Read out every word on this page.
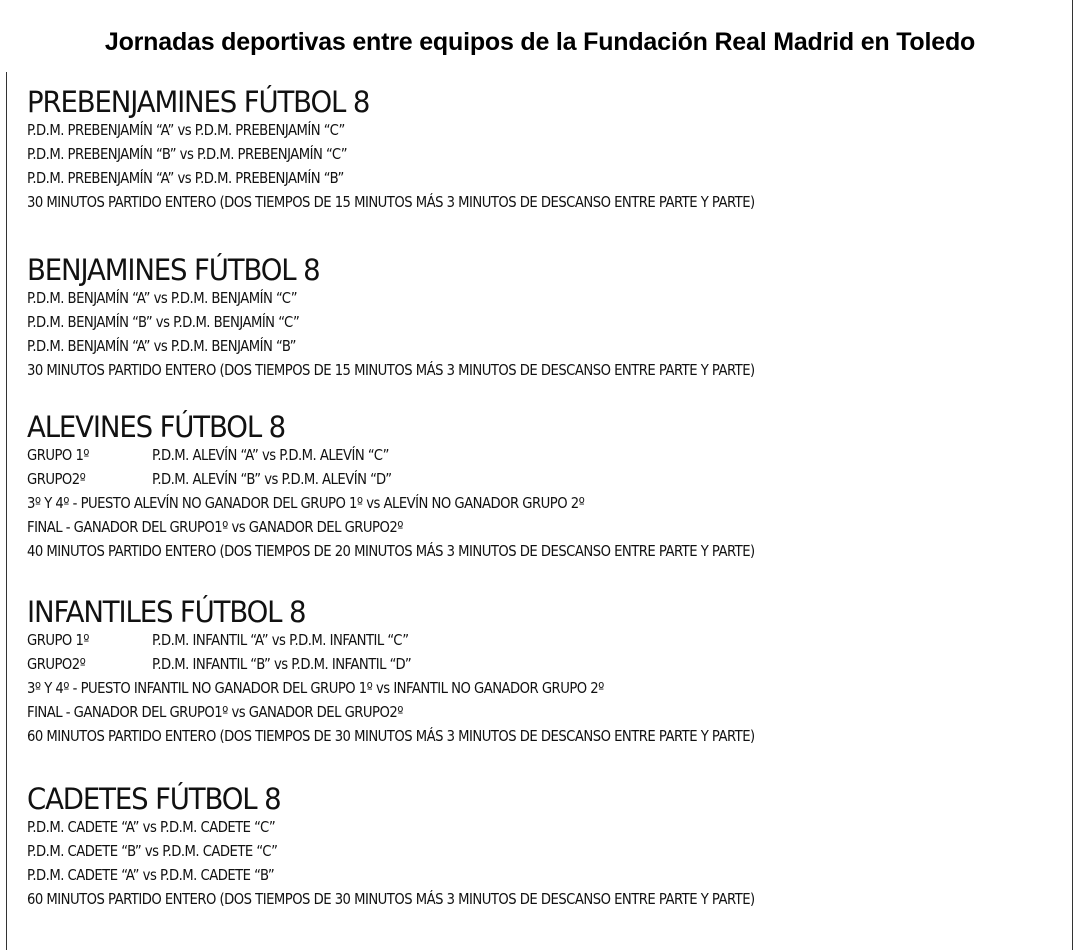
Jornadas deportivas entre equipos de la Fundación Real Madrid en Toledo
PREBENJAMINES FÚTBOL 8
P.D.M. PREBENJAMÍN “A” vs P.D.M. PREBENJAMÍN “C”
P.D.M. PREBENJAMÍN “B” vs P.D.M. PREBENJAMÍN “C”
P.D.M. PREBENJAMÍN “A” vs P.D.M. PREBENJAMÍN “B”
30 MINUTOS PARTIDO ENTERO (DOS TIEMPOS DE 15 MINUTOS MÁS 3 MINUTOS DE DESCANSO ENTRE PARTE Y PARTE)
BENJAMINES FÚTBOL 8
P.D.M. BENJAMÍN “A” vs P.D.M. BENJAMÍN “C”
P.D.M. BENJAMÍN “B” vs P.D.M. BENJAMÍN “C”
P.D.M. BENJAMÍN “A” vs P.D.M. BENJAMÍN “B”
30 MINUTOS PARTIDO ENTERO (DOS TIEMPOS DE 15 MINUTOS MÁS 3 MINUTOS DE DESCANSO ENTRE PARTE Y PARTE)
ALEVINES FÚTBOL 8
GRUPO 1º	P.D.M. ALEVÍN “A” vs P.D.M. ALEVÍN “C”
GRUPO2º	P.D.M. ALEVÍN “B” vs P.D.M. ALEVÍN “D”
3º Y 4º - PUESTO ALEVÍN NO GANADOR DEL GRUPO 1º vs ALEVÍN NO GANADOR GRUPO 2º
FINAL - GANADOR DEL GRUPO1º vs GANADOR DEL GRUPO2º
40 MINUTOS PARTIDO ENTERO (DOS TIEMPOS DE 20 MINUTOS MÁS 3 MINUTOS DE DESCANSO ENTRE PARTE Y PARTE)
INFANTILES FÚTBOL 8
GRUPO 1º	P.D.M. INFANTIL “A” vs P.D.M. INFANTIL “C”
GRUPO2º	P.D.M. INFANTIL “B” vs P.D.M. INFANTIL “D”
3º Y 4º - PUESTO INFANTIL NO GANADOR DEL GRUPO 1º vs INFANTIL NO GANADOR GRUPO 2º
FINAL - GANADOR DEL GRUPO1º vs GANADOR DEL GRUPO2º
60 MINUTOS PARTIDO ENTERO (DOS TIEMPOS DE 30 MINUTOS MÁS 3 MINUTOS DE DESCANSO ENTRE PARTE Y PARTE)
CADETES FÚTBOL 8
P.D.M. CADETE “A” vs P.D.M. CADETE “C”
P.D.M. CADETE “B” vs P.D.M. CADETE “C”
P.D.M. CADETE “A” vs P.D.M. CADETE “B”
60 MINUTOS PARTIDO ENTERO (DOS TIEMPOS DE 30 MINUTOS MÁS 3 MINUTOS DE DESCANSO ENTRE PARTE Y PARTE)
